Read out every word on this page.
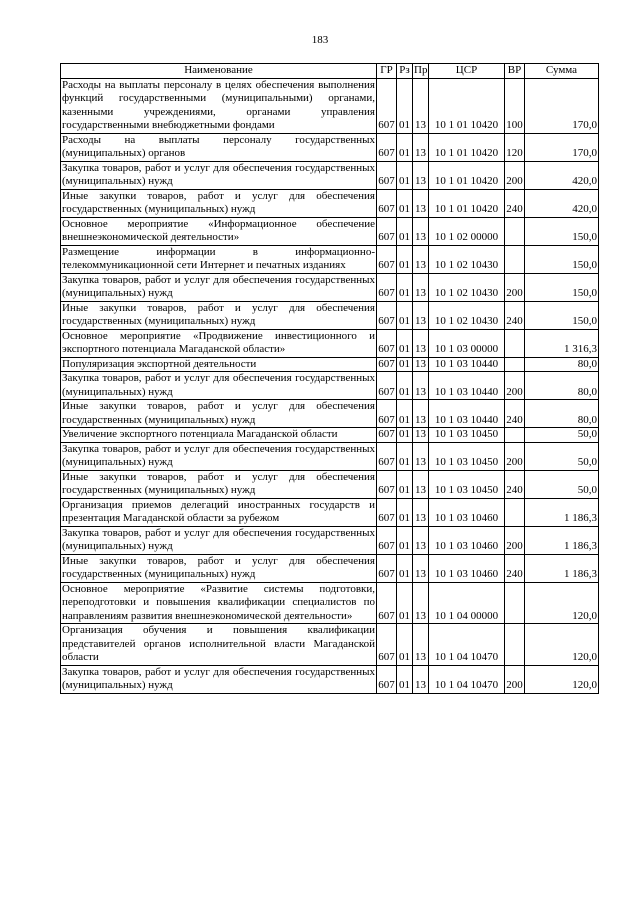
183
Наименование	ГР	Рз	Пр	ЦСР	ВР	Сумма
Расходы на выплаты персоналу в целях обеспечения выполнения функций государственными (муниципальными) органами, казенными учреждениями, органами управления государственными внебюджетными фондами	607	01	13	10 1 01 10420	100	170,0
Расходы на выплаты персоналу государственных (муниципальных) органов	607	01	13	10 1 01 10420	120	170,0
Закупка товаров, работ и услуг для обеспечения государственных (муниципальных) нужд	607	01	13	10 1 01 10420	200	420,0
Иные закупки товаров, работ и услуг для обеспечения государственных (муниципальных) нужд	607	01	13	10 1 01 10420	240	420,0
Основное мероприятие «Информационное обеспечение внешнеэкономической деятельности»	607	01	13	10 1 02 00000		150,0
Размещение информации в информационно-телекоммуникационной сети Интернет и печатных изданиях	607	01	13	10 1 02 10430		150,0
Закупка товаров, работ и услуг для обеспечения государственных (муниципальных) нужд	607	01	13	10 1 02 10430	200	150,0
Иные закупки товаров, работ и услуг для обеспечения государственных (муниципальных) нужд	607	01	13	10 1 02 10430	240	150,0
Основное мероприятие «Продвижение инвестиционного и экспортного потенциала Магаданской области»	607	01	13	10 1 03 00000		1 316,3
Популяризация экспортной деятельности	607	01	13	10 1 03 10440		80,0
Закупка товаров, работ и услуг для обеспечения государственных (муниципальных) нужд	607	01	13	10 1 03 10440	200	80,0
Иные закупки товаров, работ и услуг для обеспечения государственных (муниципальных) нужд	607	01	13	10 1 03 10440	240	80,0
Увеличение экспортного потенциала Магаданской области	607	01	13	10 1 03 10450		50,0
Закупка товаров, работ и услуг для обеспечения государственных (муниципальных) нужд	607	01	13	10 1 03 10450	200	50,0
Иные закупки товаров, работ и услуг для обеспечения государственных (муниципальных) нужд	607	01	13	10 1 03 10450	240	50,0
Организация приемов делегаций иностранных государств и презентация Магаданской области за рубежом	607	01	13	10 1 03 10460		1 186,3
Закупка товаров, работ и услуг для обеспечения государственных (муниципальных) нужд	607	01	13	10 1 03 10460	200	1 186,3
Иные закупки товаров, работ и услуг для обеспечения государственных (муниципальных) нужд	607	01	13	10 1 03 10460	240	1 186,3
Основное мероприятие «Развитие системы подготовки, переподготовки и повышения квалификации специалистов по направлениям развития внешнеэкономической деятельности»	607	01	13	10 1 04 00000		120,0
Организация обучения и повышения квалификации представителей органов исполнительной власти Магаданской области	607	01	13	10 1 04 10470		120,0
Закупка товаров, работ и услуг для обеспечения государственных (муниципальных) нужд	607	01	13	10 1 04 10470	200	120,0
